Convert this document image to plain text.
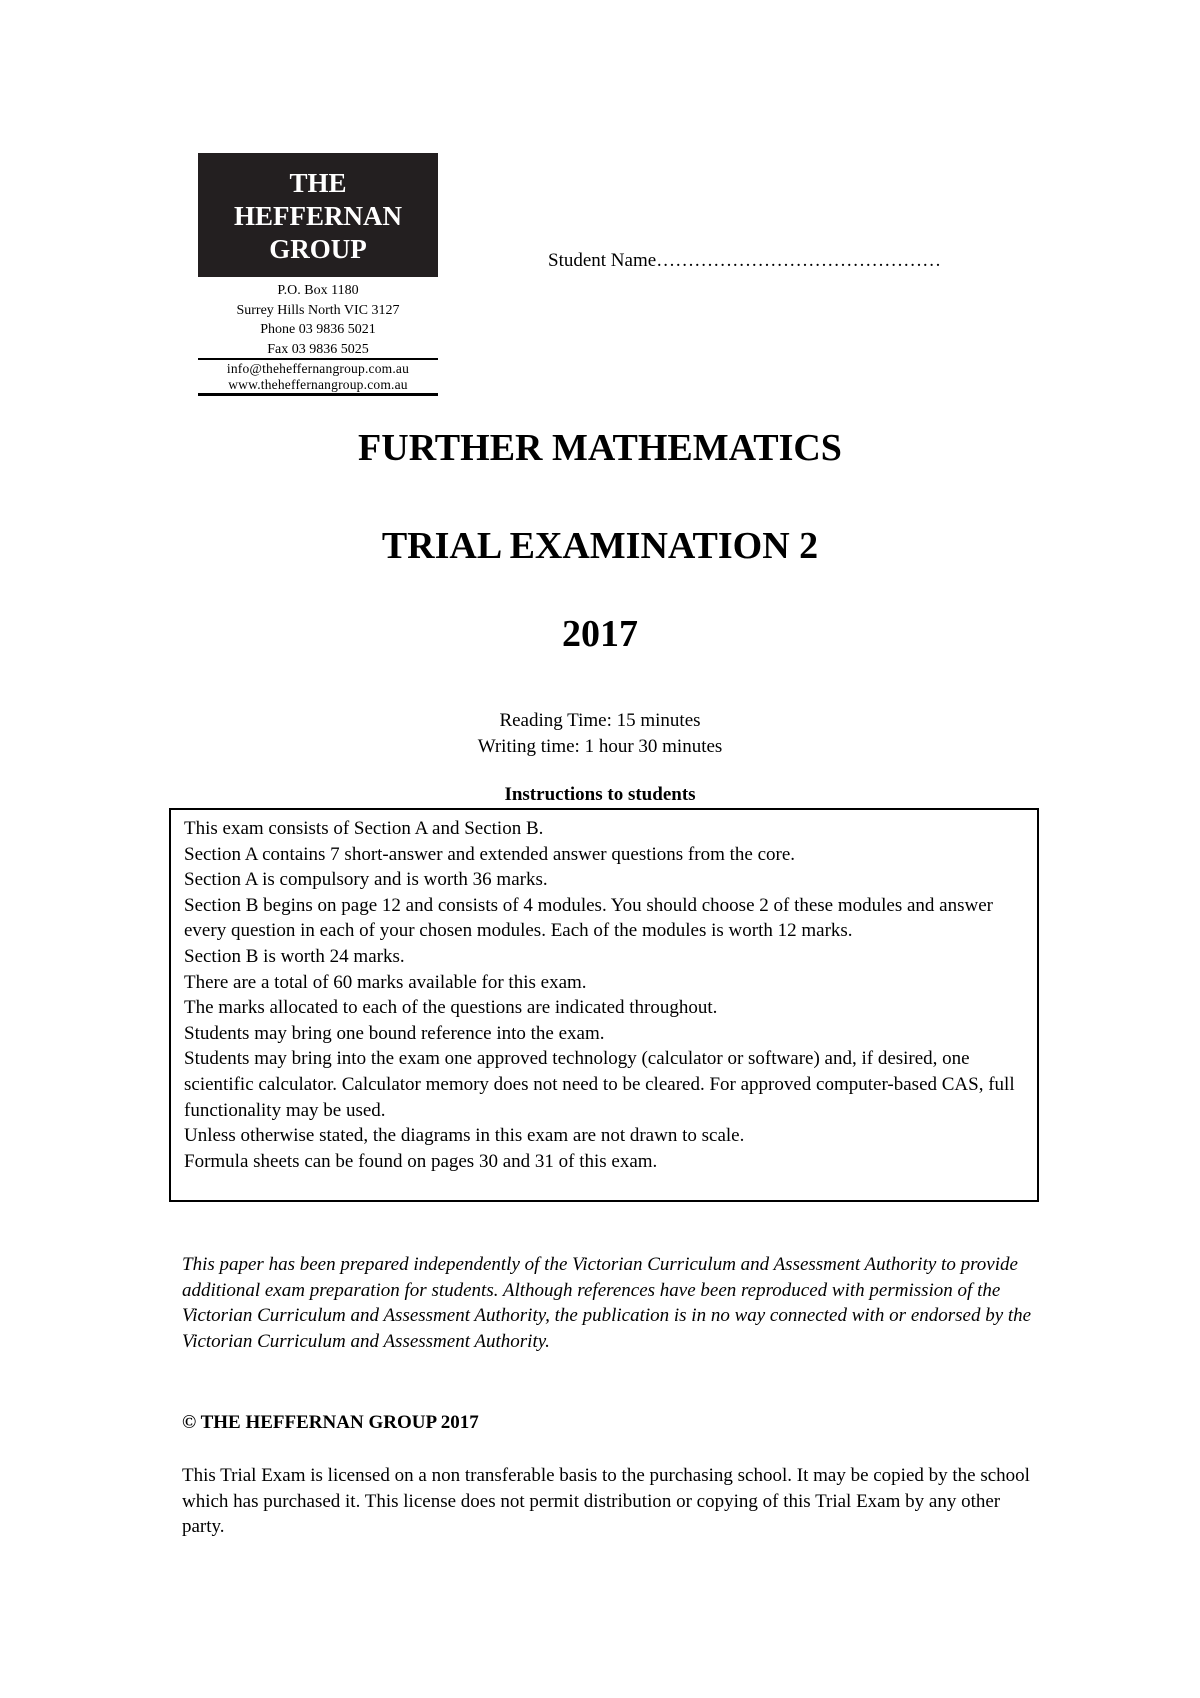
THE
HEFFERNAN
GROUP
P.O. Box 1180
Surrey Hills North VIC 3127
Phone 03 9836 5021
Fax 03 9836 5025
info@theheffernangroup.com.au
www.theheffernangroup.com.au
Student Name………………………………………
FURTHER MATHEMATICS
TRIAL EXAMINATION 2
2017
Reading Time: 15 minutes
Writing time: 1 hour 30 minutes
Instructions to students
This exam consists of Section A and Section B.
Section A contains 7 short-answer and extended answer questions from the core.
Section A is compulsory and is worth 36 marks.
Section B begins on page 12 and consists of 4 modules. You should choose 2 of these modules and answer every question in each of your chosen modules. Each of the modules is worth 12 marks.
Section B is worth 24 marks.
There are a total of 60 marks available for this exam.
The marks allocated to each of the questions are indicated throughout.
Students may bring one bound reference into the exam.
Students may bring into the exam one approved technology (calculator or software) and, if desired, one scientific calculator. Calculator memory does not need to be cleared. For approved computer-based CAS, full functionality may be used.
Unless otherwise stated, the diagrams in this exam are not drawn to scale.
Formula sheets can be found on pages 30 and 31 of this exam.
This paper has been prepared independently of the Victorian Curriculum and Assessment Authority to provide additional exam preparation for students. Although references have been reproduced with permission of the Victorian Curriculum and Assessment Authority, the publication is in no way connected with or endorsed by the Victorian Curriculum and Assessment Authority.
© THE HEFFERNAN GROUP 2017
This Trial Exam is licensed on a non transferable basis to the purchasing school. It may be copied by the school which has purchased it. This license does not permit distribution or copying of this Trial Exam by any other party.
